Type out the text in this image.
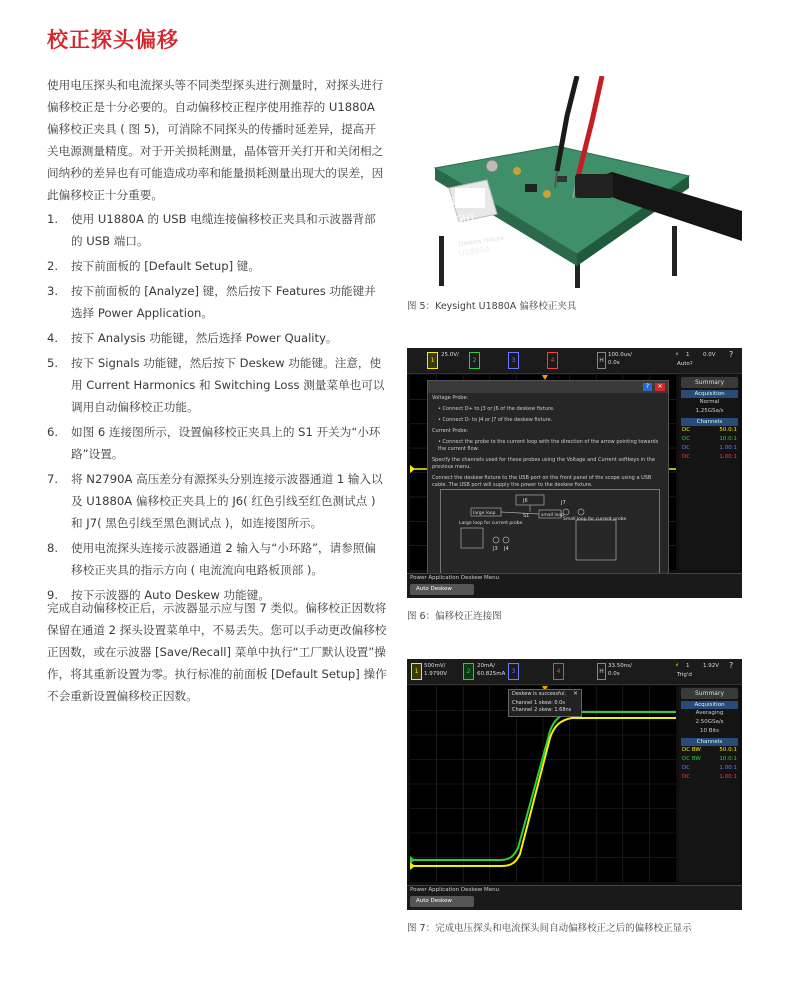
校正探头偏移
使用电压探头和电流探头等不同类型探头进行测量时，对探头进行偏移校正是十分必要的。自动偏移校正程序使用推荐的 U1880A 偏移校正夹具 ( 图 5)，可消除不同探头的传播时延差异，提高开关电源测量精度。对于开关损耗测量，晶体管开关打开和关闭相之间纳秒的差异也有可能造成功率和能量损耗测量出现大的误差，因此偏移校正十分重要。
1. 使用 U1880A 的 USB 电缆连接偏移校正夹具和示波器背部的 USB 端口。
2. 按下前面板的 [Default Setup] 键。
3. 按下前面板的 [Analyze] 键，然后按下 Features 功能键并选择 Power Application。
4. 按下 Analysis 功能键，然后选择 Power Quality。
5. 按下 Signals 功能键，然后按下 Deskew 功能键。注意，使用 Current Harmonics 和 Switching Loss 测量菜单也可以调用自动偏移校正功能。
6. 如图 6 连接图所示，设置偏移校正夹具上的 S1 开关为“小环路”设置。
7. 将 N2790A 高压差分有源探头分别连接示波器通道 1 输入以及 U1880A 偏移校正夹具上的 J6( 红色引线至红色测试点 ) 和 J7( 黑色引线至黑色测试点 )，如连接图所示。
8. 使用电流探头连接示波器通道 2 输入与“小环路”，请参照偏移校正夹具的指示方向 ( 电流流向电路板顶部 )。
9. 按下示波器的 Auto Deskew 功能键。
完成自动偏移校正后，示波器显示应与图 7 类似。偏移校正因数将保留在通道 2 探头设置菜单中，不易丢失。您可以手动更改偏移校正因数，或在示波器 [Save/Recall] 菜单中执行“工厂默认设置”操作，将其重新设置为零。执行标准的前面板 [Default Setup] 操作不会重新设置偏移校正因数。
⇩
KEYSIGHT
Deskew Fixture
U1880A
图 5：Keysight U1880A 偏移校正夹具
1
25.0V/
2	3	4	H
100.0us/
0.0s
⚡ 1 0.0V
Auto?
?
?	✕
Voltage Probe:
• Connect D+ to J3 or J6 of the deskew fixture.
• Connect D- to J4 or J7 of the deskew fixture.
Current Probe:
• Connect the probe to the current loop with the direction of the arrow pointing towards the current flow.
Specify the channels used for these probes using the Voltage and Current softkeys in the previous menu.
Connect the deskew fixture to the USB port on the front panel of the scope using a USB cable. The USB port will supply the power to the deskew fixture.
J6
large loop	S1	small loop
Large loop for current probe
Small loop for current probe
J3 J4
J7
Summary
Acquisition
Normal
1.25GSa/s
Channels
DC	50.0:1
DC	10.0:1
DC	1.00:1
DC	1.00:1
Power Application Deskew Menu
Auto Deskew
图 6：偏移校正连接图
1
500mV/
1.9790V	2
20mA/
60.825mA	3	4	H
33.50ns/
0.0s
⚡ 1 1.92V
Trig'd
?
✕
Deskew is successful.
Channel 1 skew: 0.0s
Channel 2 skew: 1.68ns
Summary
Acquisition
Averaging
2.50GSa/s
10 Bits
Channels
DC BW	50.0:1
DC BW	10.0:1
DC	1.00:1
DC	1.00:1
Power Application Deskew Menu
Auto Deskew
图 7：完成电压探头和电流探头间自动偏移校正之后的偏移校正显示
